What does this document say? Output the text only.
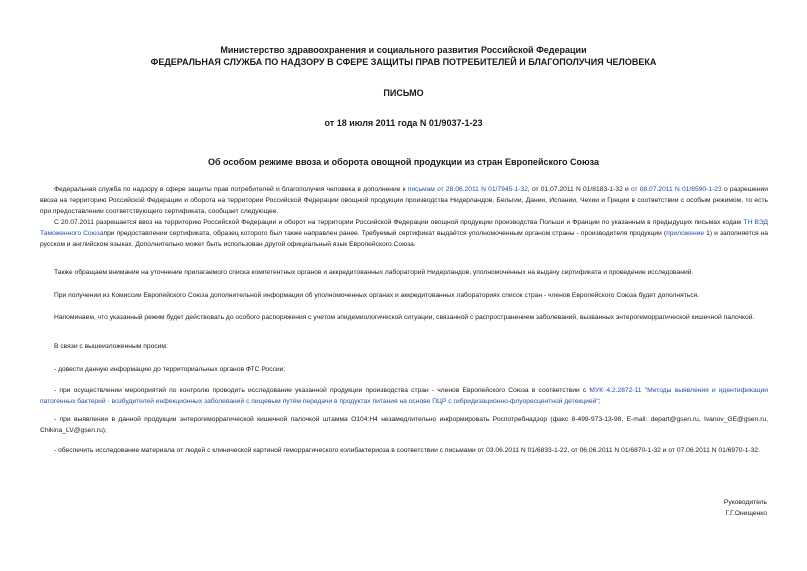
Министерство здравоохранения и социального развития Российской Федерации
ФЕДЕРАЛЬНАЯ СЛУЖБА ПО НАДЗОРУ В СФЕРЕ ЗАЩИТЫ ПРАВ ПОТРЕБИТЕЛЕЙ И БЛАГОПОЛУЧИЯ ЧЕЛОВЕКА
ПИСЬМО
от 18 июля 2011 года N 01/9037-1-23
Об особом режиме ввоза и оборота овощной продукции из стран Европейского Союза

Федеральная служба по надзору в сфере защиты прав потребителей и благополучия человека в дополнение к письмам от 28.06.2011 N 01/7945-1-32, от 01.07.2011 N 01/8183-1-32 и от 08.07.2011 N 01/8590-1-23 о разрешении ввоза на территорию Российской Федерации и оборота на территории Российской Федерации овощной продукции производства Нидерландов, Бельгии, Дании, Испании, Чехии и Греции в соответствии с особым режимом, то есть при предоставлении соответствующего сертификата, сообщает следующее.

С 20.07.2011 разрешается ввоз на территорию Российской Федерации и оборот на территории Российской Федерации овощной продукции производства Польши и Франции по указанным в предыдущих письмах кодам ТН ВЭД Таможенного Союзапри предоставлении сертификата, образец которого был также направлен ранее. Требуемый сертификат выдаётся уполномоченным органом страны - производителя продукции (приложение 1) и заполняется на русском и английском языках. Дополнительно может быть использован другой официальный язык Европейского Союза.

Также обращаем внимание на уточнение прилагаемого списка компетентных органов и аккредитованных лабораторий Нидерландов, уполномоченных на выдачу сертификата и проведение исследований.

При получении из Комиссии Европейского Союза дополнительной информации об уполномоченных органах и аккредитованных лабораториях список стран - членов Европейского Союза будет дополняться.

Напоминаем, что указанный режим будет действовать до особого распоряжения с учетом эпидемиологической ситуации, связанной с распространением заболеваний, вызванных энтерогеморрагической кишечной палочкой.

В связи с вышеизложенным просим:

- довести данную информацию до территориальных органов ФТС России;

- при осуществлении мероприятий по контролю проводить исследование указанной продукции производства стран - членов Европейского Союза в соответствии с МУК 4.2.2872-11 "Методы выявления и идентификации патогенных бактерий - возбудителей инфекционных заболеваний с пищевым путём передачи в продуктах питания на основе ПЦР с гибридизационно-флуоресцентной детекцией";

- при выявлении в данной продукции энтерогеморрагической кишечной палочкой штамма О104:Н4 незамедлительно информировать Роспотребнадзор (факс 8-499-973-13-98, E-mail: depart@gsen.ru, Ivanov_GE@gsen.ru, Chikina_LV@gsen.ru);

- обеспечить исследование материала от людей с клинической картиной геморрагического колибактериоза в соответствии с письмами от 03.06.2011 N 01/6833-1-22, от 06.06.2011 N 01/6870-1-32 и от 07.06.2011 N 01/6970-1-32.

Руководитель
Г.Г.Онищенко
